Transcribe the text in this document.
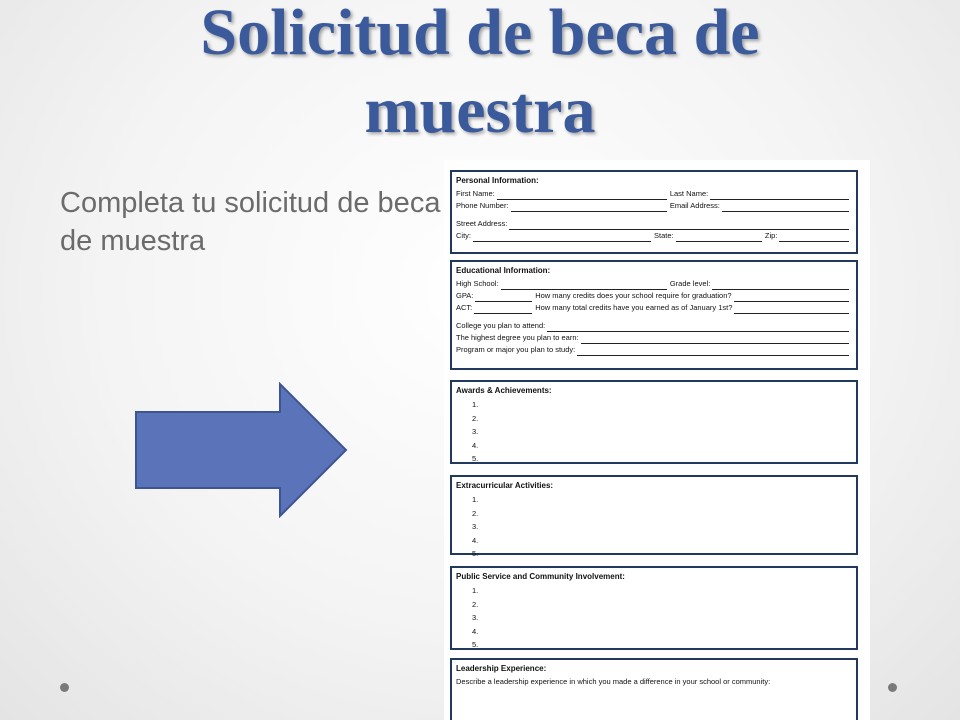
Solicitud de beca de
muestra
Completa tu solicitud de beca de muestra
Personal Information:
First Name:	Last Name:
Phone Number:	Email Address:
Street Address:
City:	State:	Zip:
Educational Information:
High School:	Grade level:
GPA:	How many credits does your school require for graduation?
ACT:	How many total credits have you earned as of January 1st?
College you plan to attend:
The highest degree you plan to earn:
Program or major you plan to study:
Awards & Achievements:
1.
2.
3.
4.
5.
Extracurricular Activities:
1.
2.
3.
4.
5.
Public Service and Community Involvement:
1.
2.
3.
4.
5.
Leadership Experience:
Describe a leadership experience in which you made a difference in your school or community:
